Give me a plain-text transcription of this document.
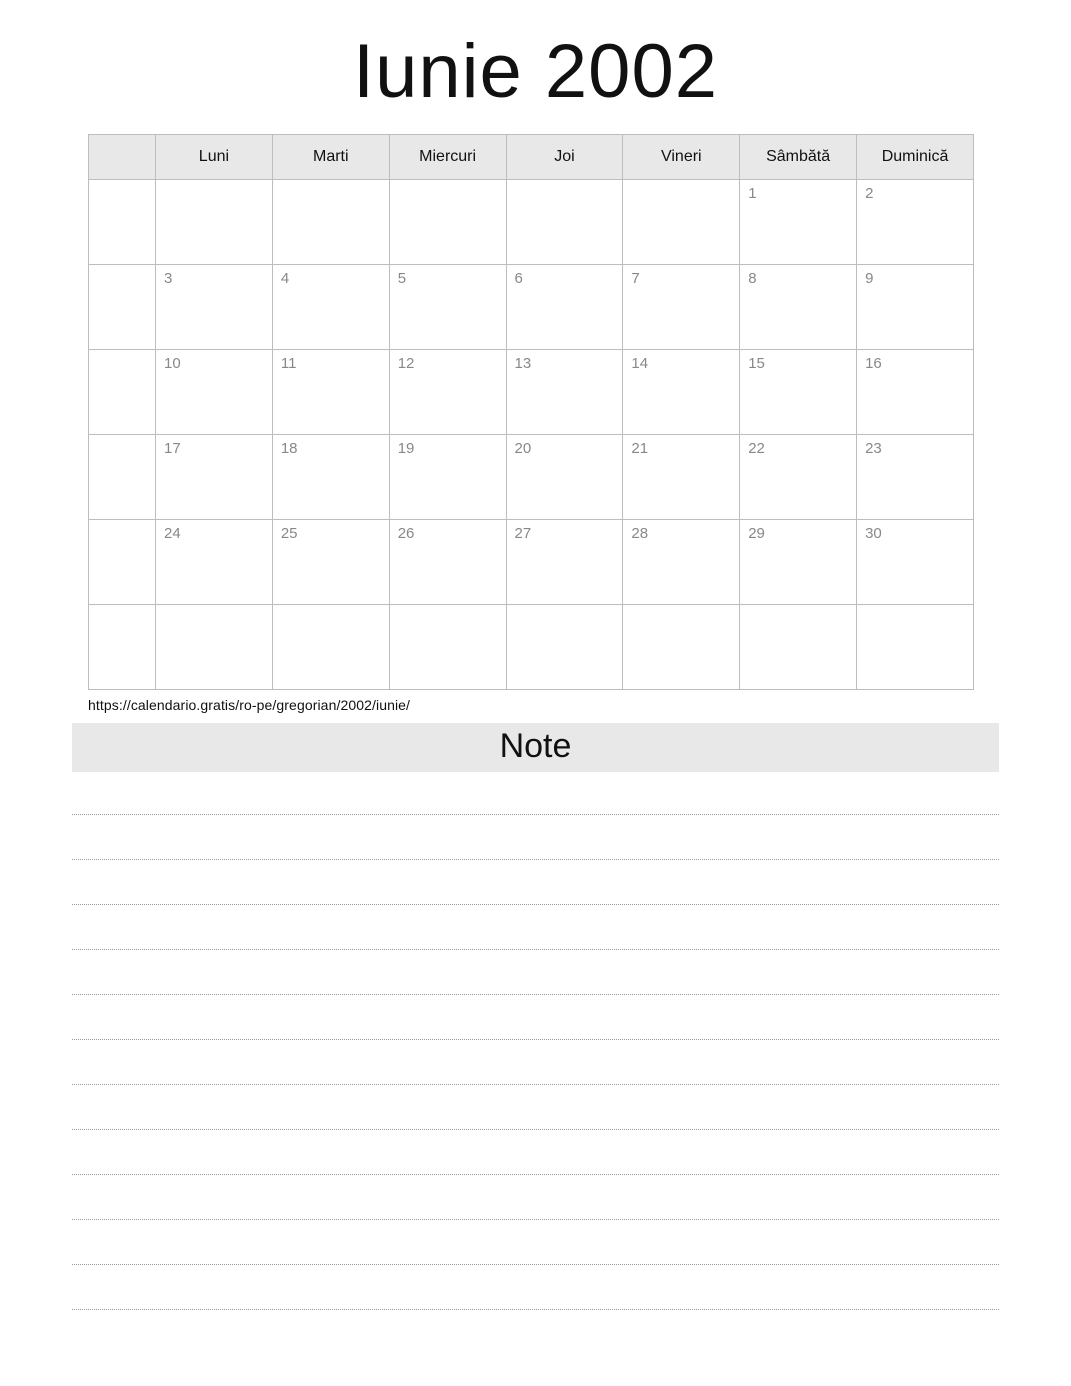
Iunie 2002
	Luni	Marti	Miercuri	Joi	Vineri	Sâmbătă	Duminică

						1	2

	3	4	5	6	7	8	9

	10	11	12	13	14	15	16

	17	18	19	20	21	22	23

	24	25	26	27	28	29	30

https://calendario.gratis/ro-pe/gregorian/2002/iunie/
Note
